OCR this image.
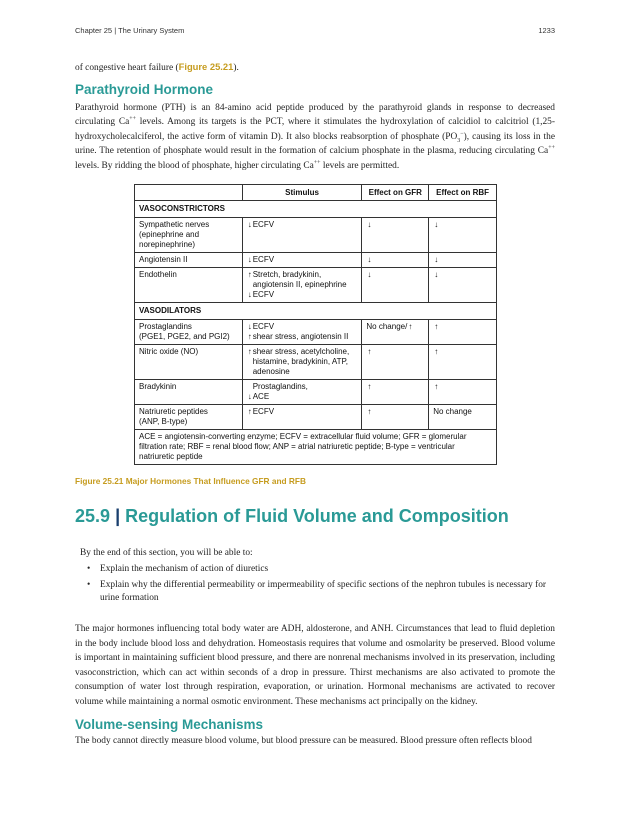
Chapter 25 | The Urinary System	1233

of congestive heart failure (Figure 25.21).

Parathyroid Hormone

Parathyroid hormone (PTH) is an 84-amino acid peptide produced by the parathyroid glands in response to decreased circulating Ca++ levels. Among its targets is the PCT, where it stimulates the hydroxylation of calcidiol to calcitriol (1,25-hydroxycholecalciferol, the active form of vitamin D). It also blocks reabsorption of phosphate $(PO_3^-)$, causing its loss in the urine. The retention of phosphate would result in the formation of calcium phosphate in the plasma, reducing circulating Ca++ levels. By ridding the blood of phosphate, higher circulating Ca++ levels are permitted.

	Stimulus	Effect on GFR	Effect on RBF
VASOCONSTRICTORS			

Sympathetic nerves
(epinephrine and
norepinephrine)	↓ECFV	↓	↓
Angiotensin II	↓ECFV	↓	↓
Endothelin	↑Stretch, bradykinin,
angiotensin II, epinephrine
↓ECFV	↓	↓
VASODILATORS			

Prostaglandins
(PGE1, PGE2, and PGI2)	↓ECFV
↑shear stress, angiotensin II	No change/↑	↑
Nitric oxide (NO)	↑shear stress, acetylcholine,
histamine, bradykinin, ATP,
adenosine	↑	↑
Bradykinin	Prostaglandins,
↓ACE	↑	↑

Natriuretic peptides
(ANP, B-type)	↑ECFV	↑	No change
ACE = angiotensin-converting enzyme; ECFV = extracellular fluid volume; GFR = glomerular filtration rate; RBF = renal blood flow; ANP = atrial natriuretic peptide; B-type = ventricular natriuretic peptide			
Figure 25.21 Major Hormones That Influence GFR and RFB
25.9 | Regulation of Fluid Volume and Composition

By the end of this section, you will be able to:

• Explain the mechanism of action of diuretics
• Explain why the differential permeability or impermeability of specific sections of the nephron tubules is necessary for urine formation

The major hormones influencing total body water are ADH, aldosterone, and ANH. Circumstances that lead to fluid depletion in the body include blood loss and dehydration. Homeostasis requires that volume and osmolarity be preserved. Blood volume is important in maintaining sufficient blood pressure, and there are nonrenal mechanisms involved in its preservation, including vasoconstriction, which can act within seconds of a drop in pressure. Thirst mechanisms are also activated to promote the consumption of water lost through respiration, evaporation, or urination. Hormonal mechanisms are activated to recover volume while maintaining a normal osmotic environment. These mechanisms act principally on the kidney.

Volume-sensing Mechanisms

The body cannot directly measure blood volume, but blood pressure can be measured. Blood pressure often reflects blood
